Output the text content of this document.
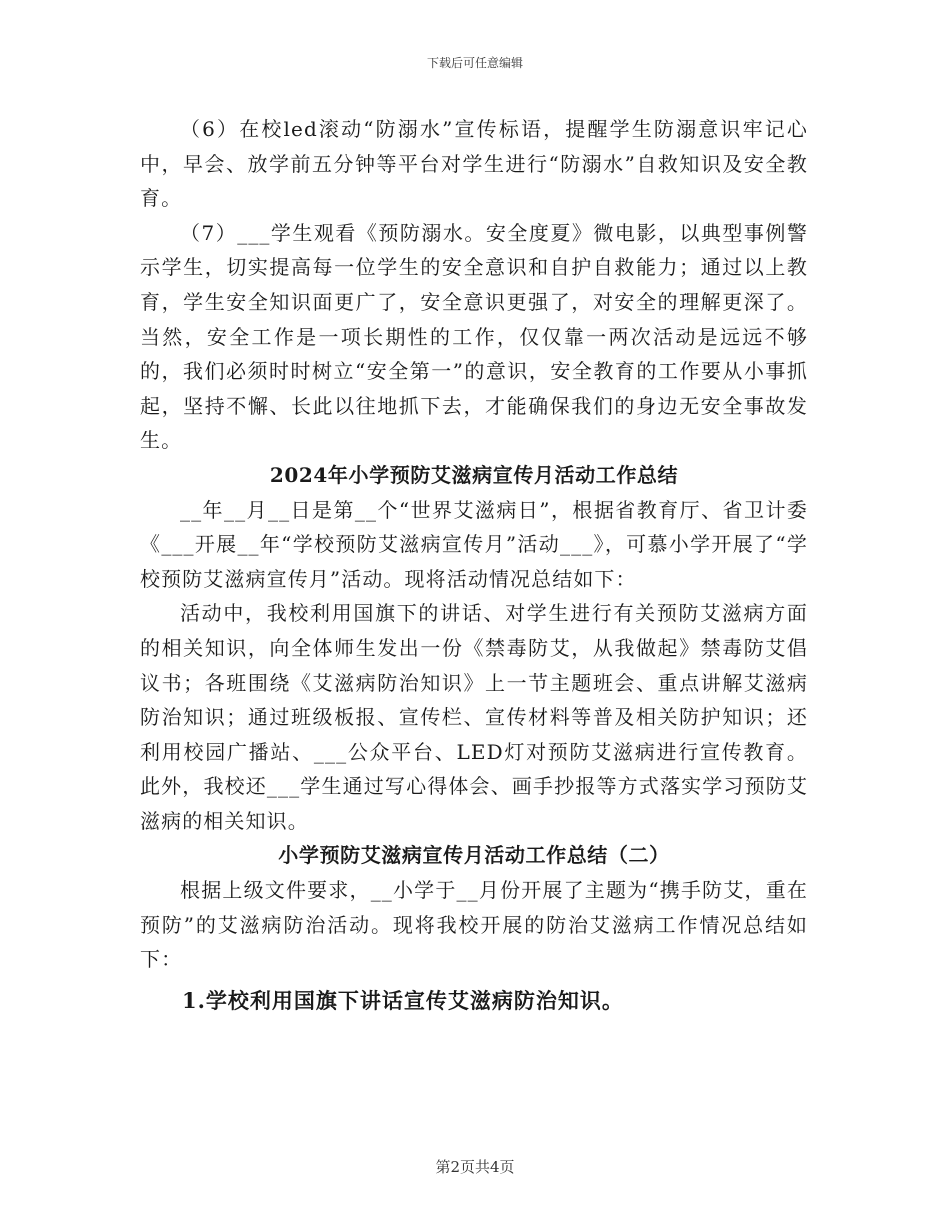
下载后可任意编辑

（6）在校led滚动“防溺水”宣传标语，提醒学生防溺意识牢记心中，早会、放学前五分钟等平台对学生进行“防溺水”自救知识及安全教育。

（7）___学生观看《预防溺水。安全度夏》微电影，以典型事例警示学生，切实提高每一位学生的安全意识和自护自救能力；通过以上教育，学生安全知识面更广了，安全意识更强了，对安全的理解更深了。当然，安全工作是一项长期性的工作，仅仅靠一两次活动是远远不够的，我们必须时时树立“安全第一”的意识，安全教育的工作要从小事抓起，坚持不懈、长此以往地抓下去，才能确保我们的身边无安全事故发生。

2024年小学预防艾滋病宣传月活动工作总结

__年__月__日是第__个“世界艾滋病日”，根据省教育厅、省卫计委《___开展__年“学校预防艾滋病宣传月”活动___》，可慕小学开展了“学校预防艾滋病宣传月”活动。现将活动情况总结如下：

活动中，我校利用国旗下的讲话、对学生进行有关预防艾滋病方面的相关知识，向全体师生发出一份《禁毒防艾，从我做起》禁毒防艾倡议书；各班围绕《艾滋病防治知识》上一节主题班会、重点讲解艾滋病防治知识；通过班级板报、宣传栏、宣传材料等普及相关防护知识；还利用校园广播站、___公众平台、LED灯对预防艾滋病进行宣传教育。此外，我校还___学生通过写心得体会、画手抄报等方式落实学习预防艾滋病的相关知识。

小学预防艾滋病宣传月活动工作总结（二）

根据上级文件要求，__小学于__月份开展了主题为“携手防艾，重在预防”的艾滋病防治活动。现将我校开展的防治艾滋病工作情况总结如下：

1.学校利用国旗下讲话宣传艾滋病防治知识。

第2页共4页
